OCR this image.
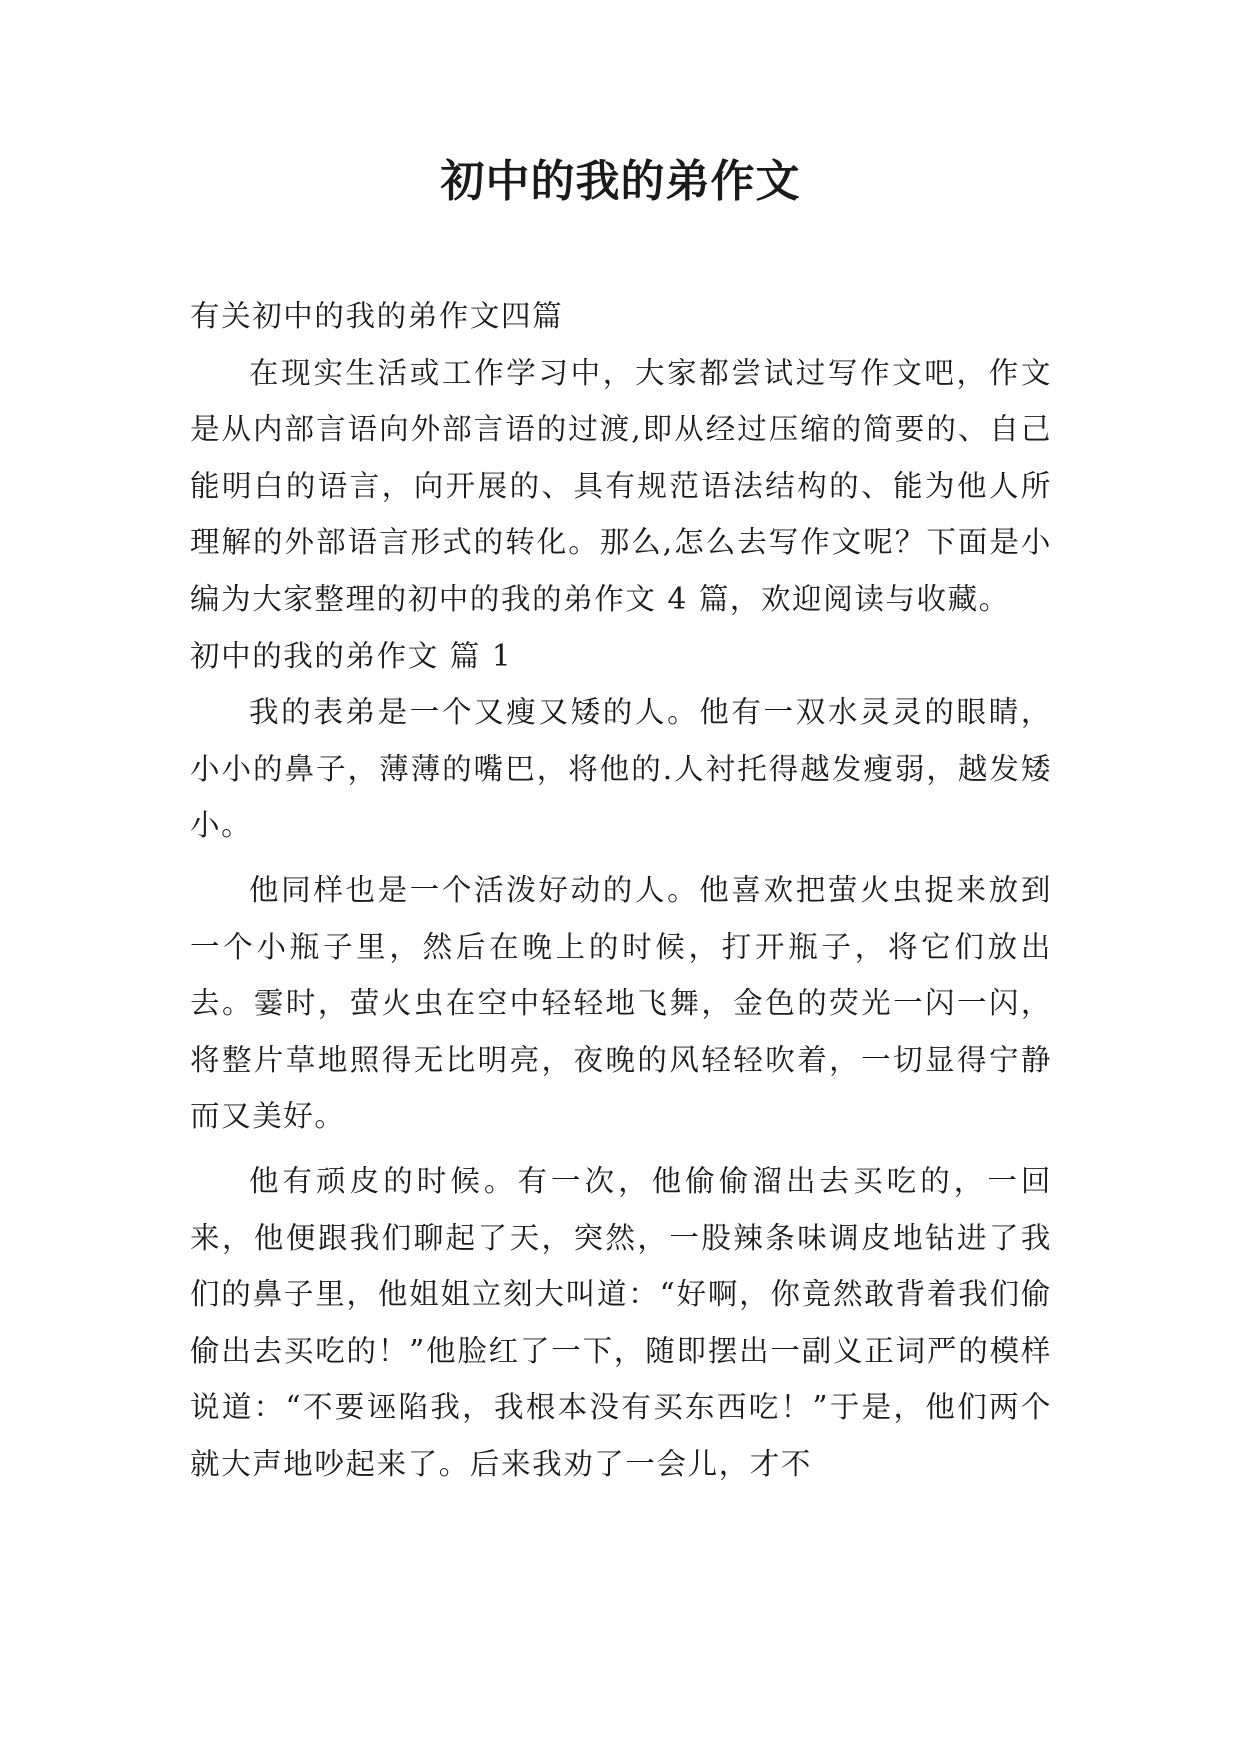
初中的我的弟作文

有关初中的我的弟作文四篇

在现实生活或工作学习中，大家都尝试过写作文吧，作文是从内部言语向外部言语的过渡,即从经过压缩的简要的、自己能明白的语言，向开展的、具有规范语法结构的、能为他人所理解的外部语言形式的转化。那么,怎么去写作文呢？下面是小编为大家整理的初中的我的弟作文 4 篇，欢迎阅读与收藏。

初中的我的弟作文 篇 1

我的表弟是一个又瘦又矮的人。他有一双水灵灵的眼睛，小小的鼻子，薄薄的嘴巴，将他的.人衬托得越发瘦弱，越发矮小。

他同样也是一个活泼好动的人。他喜欢把萤火虫捉来放到一个小瓶子里，然后在晚上的时候，打开瓶子，将它们放出去。霎时，萤火虫在空中轻轻地飞舞，金色的荧光一闪一闪，将整片草地照得无比明亮，夜晚的风轻轻吹着，一切显得宁静而又美好。

他有顽皮的时候。有一次，他偷偷溜出去买吃的，一回来，他便跟我们聊起了天，突然，一股辣条味调皮地钻进了我们的鼻子里，他姐姐立刻大叫道：“好啊，你竟然敢背着我们偷偷出去买吃的！”他脸红了一下，随即摆出一副义正词严的模样说道：“不要诬陷我，我根本没有买东西吃！”于是，他们两个就大声地吵起来了。后来我劝了一会儿，才不
